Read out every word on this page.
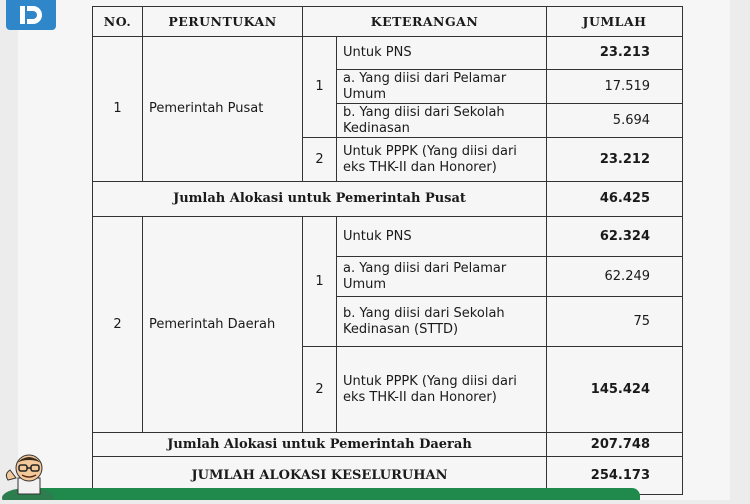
NO.	PERUNTUKAN	KETERANGAN		JUMLAH
1	Pemerintah Pusat	1	Untuk PNS	23.213
			a. Yang diisi dari Pelamar Umum	17.519
			b. Yang diisi dari Sekolah Kedinasan	5.694
		2	Untuk PPPK (Yang diisi dari eks THK-II dan Honorer)	23.212
Jumlah Alokasi untuk Pemerintah Pusat				46.425
2	Pemerintah Daerah	1	Untuk PNS	62.324
			a. Yang diisi dari Pelamar Umum	62.249
			b. Yang diisi dari Sekolah Kedinasan (STTD)	75
		2	Untuk PPPK (Yang diisi dari eks THK-II dan Honorer)	145.424
Jumlah Alokasi untuk Pemerintah Daerah				207.748
JUMLAH ALOKASI KESELURUHAN				254.173
